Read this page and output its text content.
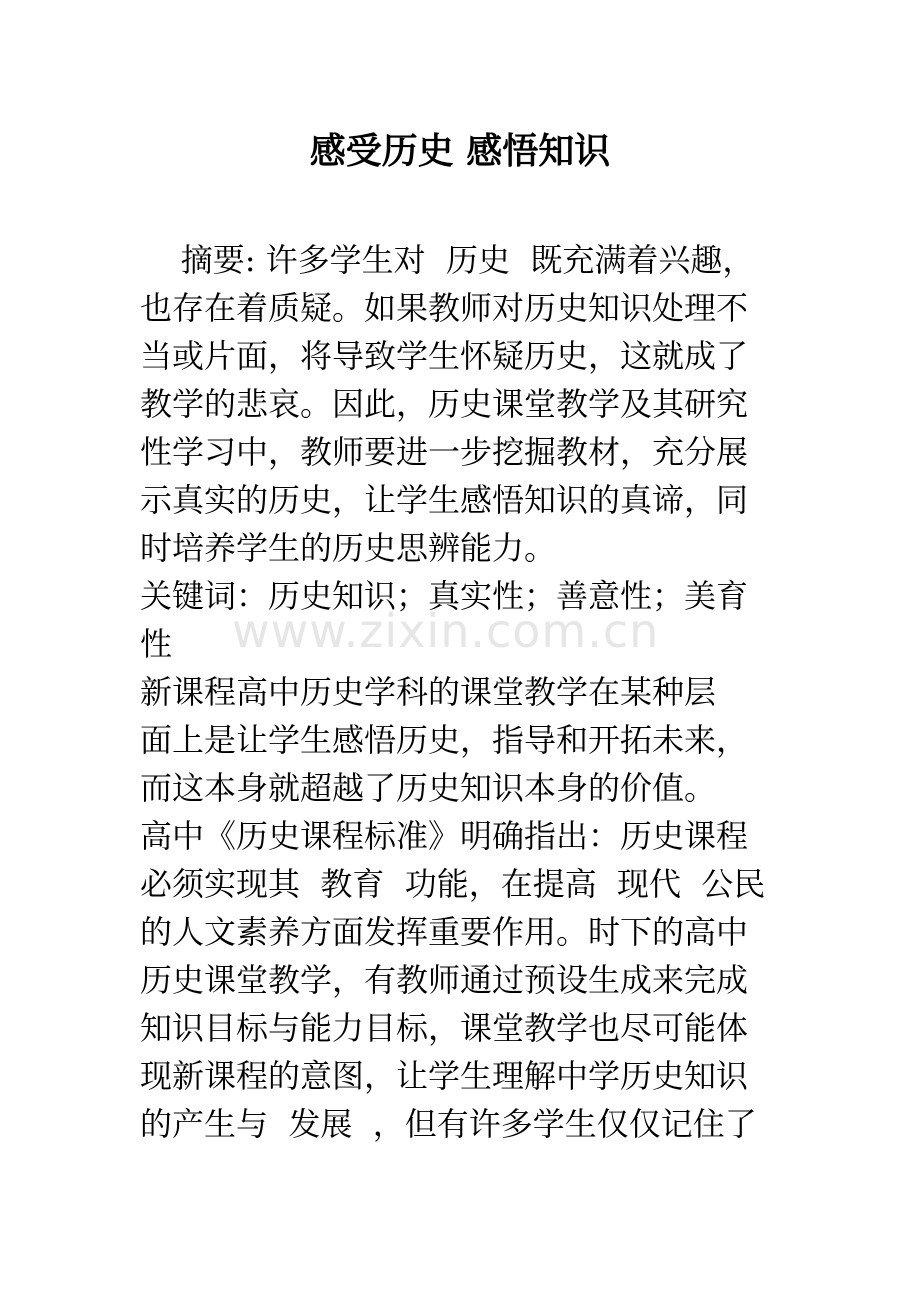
感受历史 感悟知识
摘要: 许多学生对  历史  既充满着兴趣，
也存在着质疑。如果教师对历史知识处理不
当或片面，将导致学生怀疑历史，这就成了
教学的悲哀。因此，历史课堂教学及其研究
性学习中，教师要进一步挖掘教材，充分展
示真实的历史，让学生感悟知识的真谛，同
时培养学生的历史思辨能力。
关键词：历史知识；真实性；善意性；美育
性
新课程高中历史学科的课堂教学在某种层
面上是让学生感悟历史，指导和开拓未来，
而这本身就超越了历史知识本身的价值。
高中《历史课程标准》明确指出：历史课程
必须实现其  教育  功能，在提高  现代  公民
的人文素养方面发挥重要作用。时下的高中
历史课堂教学，有教师通过预设生成来完成
知识目标与能力目标，课堂教学也尽可能体
现新课程的意图，让学生理解中学历史知识
的产生与  发展  ，但有许多学生仅仅记住了
www.zixin.com.cn
